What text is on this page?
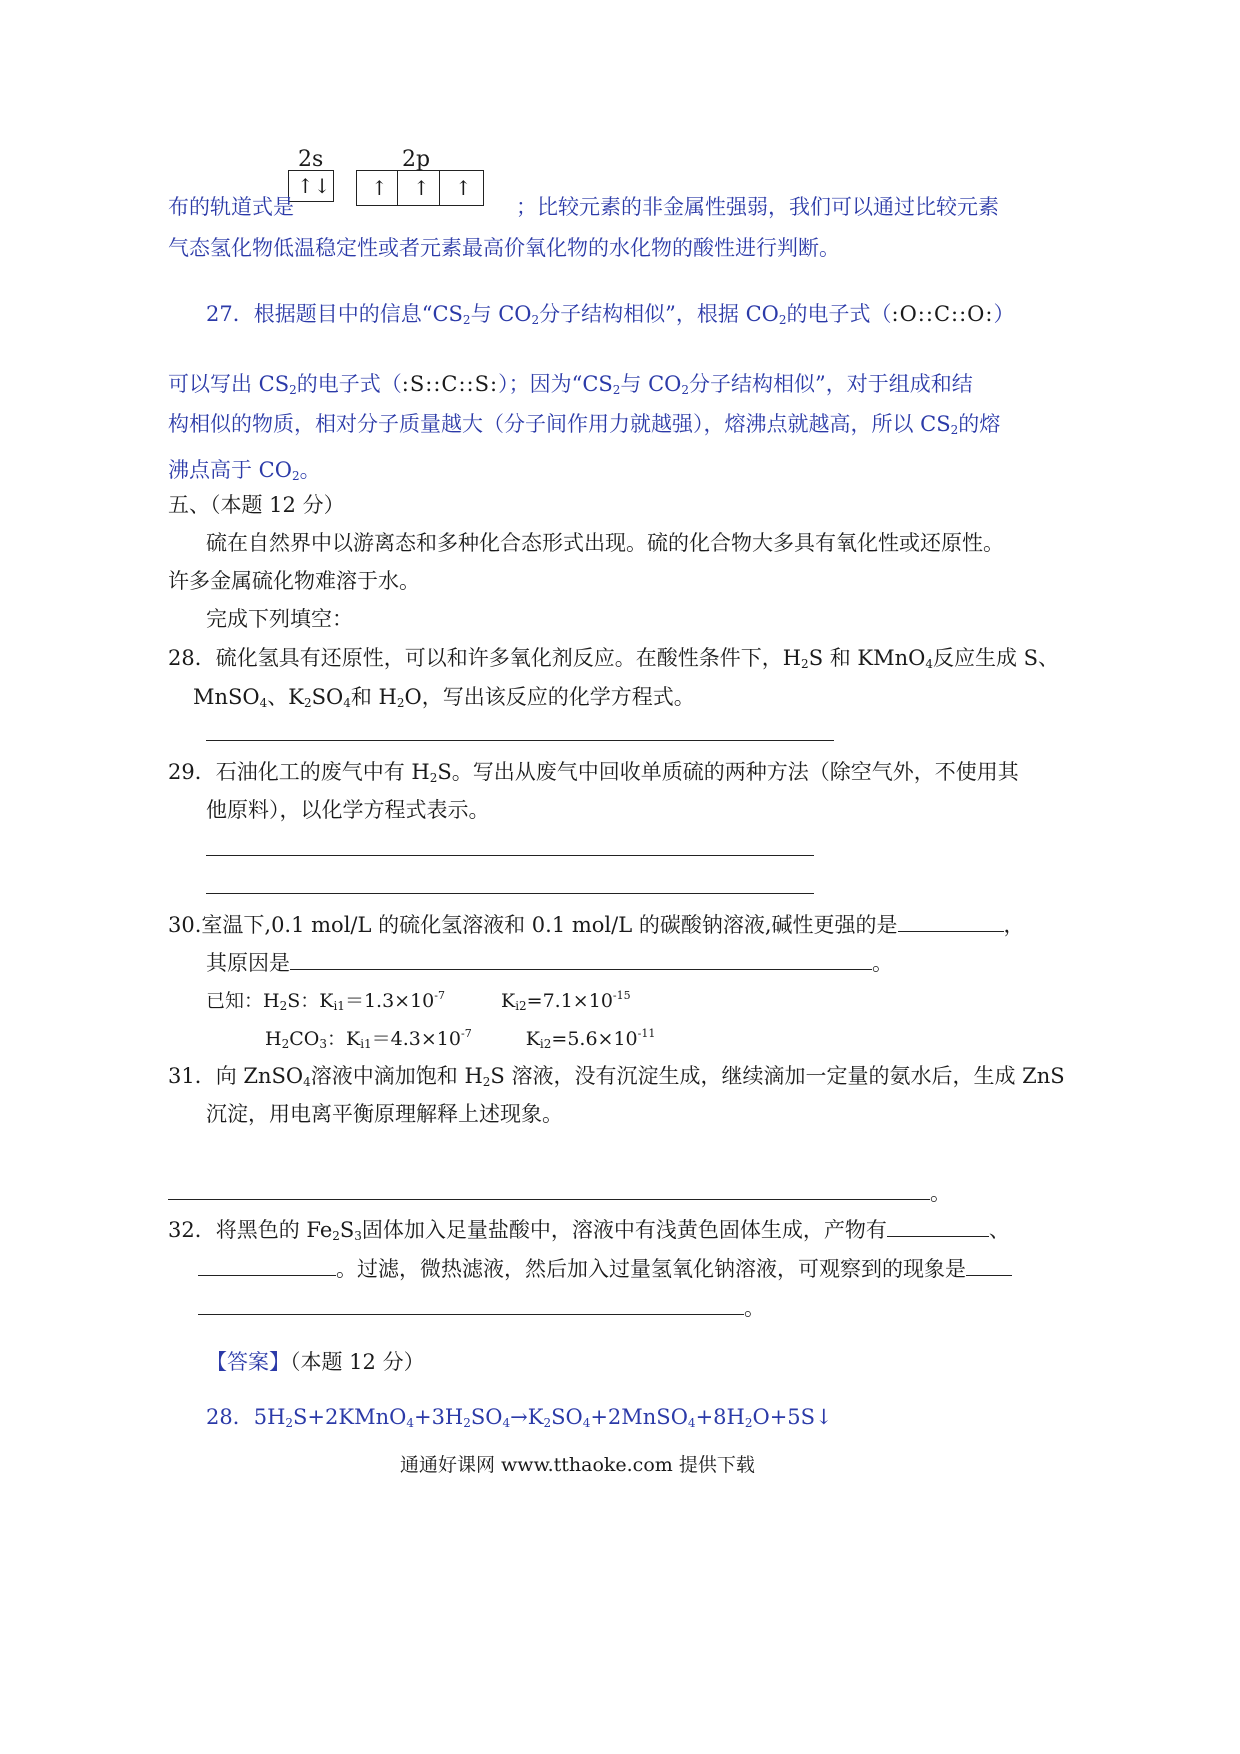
2s	2p
↑↓ ↑ ↑ ↑
布的轨道式是	；比较元素的非金属性强弱，我们可以通过比较元素
气态氢化物低温稳定性或者元素最高价氧化物的水化物的酸性进行判断。
27．根据题目中的信息“$CS_2$与 $CO_2$分子结构相似”，根据 $CO_2$的电子式（:O::C::O:）
可以写出 $CS_2$的电子式（:S::C::S:）；因为“$CS_2$与 $CO_2$分子结构相似”，对于组成和结
构相似的物质，相对分子质量越大（分子间作用力就越强），熔沸点就越高，所以 $CS_2$的熔
沸点高于 $CO_2$。
五、（本题 12 分）
硫在自然界中以游离态和多种化合态形式出现。硫的化合物大多具有氧化性或还原性。
许多金属硫化物难溶于水。
完成下列填空：
28．硫化氢具有还原性，可以和许多氧化剂反应。在酸性条件下，$H_2S$ 和 KMnO$_4$反应生成 S、
MnSO$_4$、$K_2SO_4$和 $H_2O$，写出该反应的化学方程式。
29．石油化工的废气中有 $H_2S$。写出从废气中回收单质硫的两种方法（除空气外，不使用其
他原料），以化学方程式表示。
30.室温下,0.1 mol/L 的硫化氢溶液和 0.1 mol/L 的碳酸钠溶液,碱性更强的是	，
其原因是	。
已知：$H_2S$：$K_{i1}=1.3\times 10^{-7}$	$K_{i2}=7.1\times 10^{-15}$
$H_2CO_3$：$K_{i1}=4.3\times 10^{-7}$	$K_{i2}=5.6\times 10^{-11}$
31．向 ZnSO$_4$溶液中滴加饱和 $H_2S$ 溶液，没有沉淀生成，继续滴加一定量的氨水后，生成 ZnS
沉淀，用电离平衡原理解释上述现象。
。
32．将黑色的 $Fe_2S_3$固体加入足量盐酸中，溶液中有浅黄色固体生成，产物有	、
。过滤，微热滤液，然后加入过量氢氧化钠溶液，可观察到的现象是
。
【答案】（本题 12 分）
28．$5H_2S+2KMnO_4+3H_2SO_4\to K_2SO_4+2MnSO_4+8H_2O+5S↓$
通通好课网 www.tthaoke.com 提供下载
